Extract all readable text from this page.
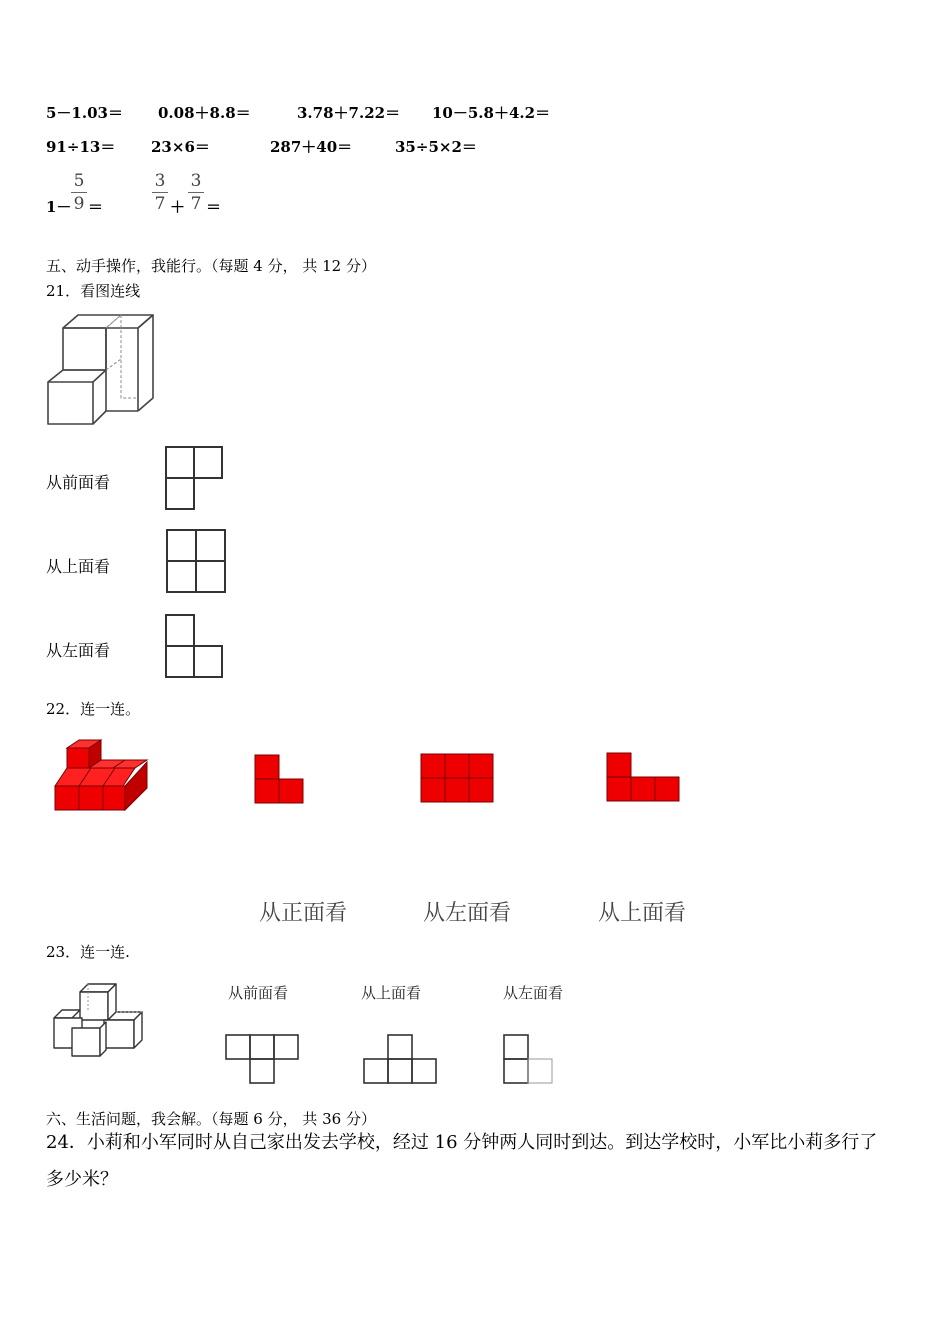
5－1.03＝ 0.08＋8.8＝	3.78＋7.22＝ 10－5.8＋4.2＝
91÷13＝ 23×6＝	287＋40＝	35÷5×2＝
1－
5
9 ＝
3
7 ＋
3
7 ＝
五、动手操作，我能行。（每题 4 分， 共 12 分）
21．看图连线
从前面看
从上面看
从左面看
22．连一连。
从正面看	从左面看	从上面看
23．连一连.
从前面看	从上面看	从左面看
六、生活问题，我会解。（每题 6 分， 共 36 分）
24．小莉和小军同时从自己家出发去学校，经过 16 分钟两人同时到达。到达学校时，小军比小莉多行了
多少米？
